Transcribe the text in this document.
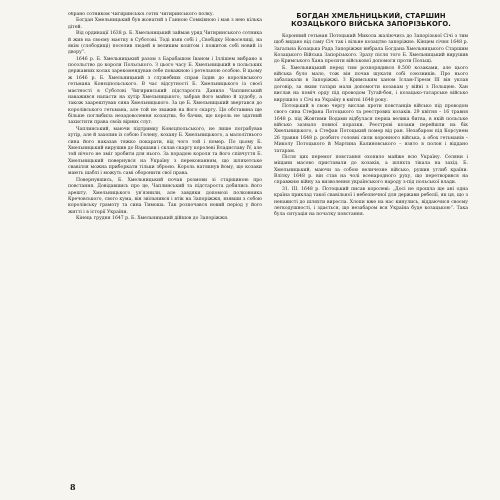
обрано сотником Чигиринської сотні Чигиринського полку.

Богдан Хмельницький був жонатий з Ганною Сомківною і мав з нею кілька дітей.

Від ординації 1638 р. Б. Хмельницький займав уряд Чигиринського сотника й жив на своєму маєтку в Суботові. Тоді взяв собі і „Свобідку Новоселиці, на якім (слободищі) поселив людей в великим коштом і пожиток собі новий із двору”.

1646 р. Б. Хмельницький разом з Барабашом Іваном і Іллішем вибрано в посольство до короля Польського. З цього часу Б. Хмельницький в польських державних колах зарекомендував себе поважною і ретельною особою. В цьому ж 1646 р. Б. Хмельницький з служебних справ їздив до королівського гетьмана Конєцпольського. В час відсутності Б. Хмельницького із своєї маєтності в Суботові Чигиринський підстароста Данило Чаплинський наважився напасти на хутір Хмельницького, забрав його майно й худобу, а також заарештував сина Хмельницького. За це Б. Хмельницький звертався до королівського гетьмана, але той не зважив на його скаргу. Ця обставина ще більше поглибила незадоволення козацтва, бо бачив, що король не здатний захистити права своїх вірних слуг.

Чаплинський, маючи підтримку Конєцпольського, не лише пограбував хутір, але й захопив із собою Гелену, кохану Б. Хмельницького, а малолітнього сина його наказав тяжко покарати, від чого той і помер. По цьому Б. Хмельницький вирушив до Варшави і склав скаргу королеві Владиславу IV, але той нічого не зміг зробити для нього. За порадою короля та його співчуття Б. Хмельницький повернувся на Україну з переконанням, що шляхетське свавілля можна приборкати тільки зброєю. Король натякнув йому, що козаки мають шаблі і можуть самі оборонити свої права.

Повернувшись, Б. Хмельницький почав розмови зі старшиною про повстання. Довідавшись про це, Чаплинський та підстароста добились його арешту. Хмельницького ув’язнили, але завдяки допомозі полковника Кречовського, свого кума, він звільнився і втік на Запоріжжя, взявши з собою королівську грамоту та сина Тимоша. Так розпочався новий період у його житті і в історії України.

Кінець грудня 1647 р. Б. Хмельницький дійшов до Запоріжжя.

БОГДАН ХМЕЛЬНИЦЬКИЙ, СТАРШИН КОЗАЦЬКОГО ВІЙСЬКА ЗАПОРІЗЬКОГО.

Коронний гетьман Потоцький Микола жаліючись до Запорізької Січі з тим щоб видано від саму Січ так і вільне козацтво запоріжне. Кінцем січня 1648 р. Загальна Козацька Рада Запоріжжя вибрала Богдана Хмельницького Старшим Козацького Війська Запорізького. Зразу після того Б. Хмельницький вирушив до Кримського Хана просити військової допомоги проти Польщі.

Б. Хмельницький перед тим розпорядився 8.500 козаками, але цього війська було мало, тож він почав шукати собі союзників. Про нього забалакали в Запоріжжі. З Кримським ханом Іслам-Гіреєм III він уклав договір, за яким татари мали допомогти козакам у війні з Польщею. Хан вислав на поміч орду під проводом Тугай-бея, і козацько-татарське військо вирушило з Січі на Україну в квітні 1648 року.

Потоцький в свою чергу вислав проти повстанців військо під проводом свого сина Стефана Потоцького та реєстрових козаків. 29 квітня – 16 травня 1648 р. під Жовтими Водами відбулася перша велика битва, в якій польське військо зазнало повної поразки. Реєстрові козаки перейшли на бік Хмельницького, а Стефан Потоцький помер від ран. Незабаром під Корсунем 26 травня 1648 р. розбито головні сили коронного війська, а обох гетьманів – Миколу Потоцького й Мартина Калиновського – взято в полон і віддано татарам.

Після цих перемог повстання охопило майже всю Україну. Селяни і міщани масово приставали до козаків, а шляхта тікала на захід. Б. Хмельницький, маючи за собою величезне військо, рушив углиб країни. Влітку 1648 р. він став на чолі всенародного руху, що перетворився на справжню війну за визволення українського народу з-під польської влади.

31. III. 1648 р. Потоцький писав королеві: „Досі не прошла ще ані одна країна приклад такої свавільної і небезпечної для держави ребелії, як ця, що з ненависті до шляхти виросла. Хлопи вже на нас кинулись, віддаючися своєму легкодушності, і здається, що незабаром вся Україна буде козацькою”. Така була ситуація на початку повстання.

8
